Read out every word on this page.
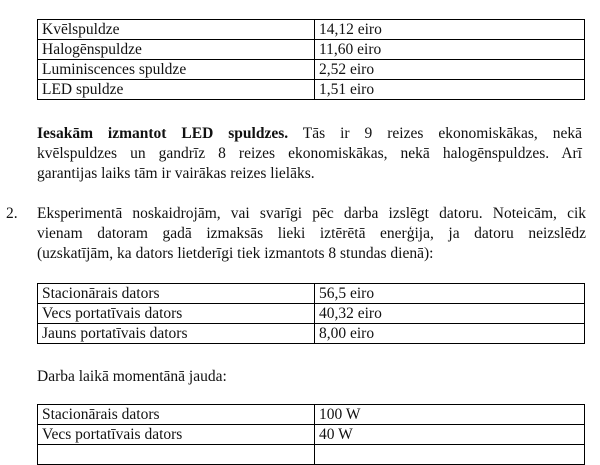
Kvēlspuldze	14,12 eiro
Halogēnspuldze	11,60 eiro
Luminiscences spuldze	2,52 eiro
LED spuldze	1,51 eiro
Iesakām izmantot LED spuldzes. Tās ir 9 reizes ekonomiskākas, nekā
kvēlspuldzes un gandrīz 8 reizes ekonomiskākas, nekā halogēnspuldzes. Arī
garantijas laiks tām ir vairākas reizes lielāks.
2. Eksperimentā noskaidrojām, vai svarīgi pēc darba izslēgt datoru. Noteicām, cik
vienam datoram gadā izmaksās lieki iztērētā enerģija, ja datoru neizslēdz
(uzskatījām, ka dators lietderīgi tiek izmantots 8 stundas dienā):

Stacionārais dators	56,5 eiro
Vecs portatīvais dators	40,32 eiro
Jauns portatīvais dators	8,00 eiro

Darba laikā momentānā jauda:

Stacionārais dators	100 W
Vecs portatīvais dators	40 W
